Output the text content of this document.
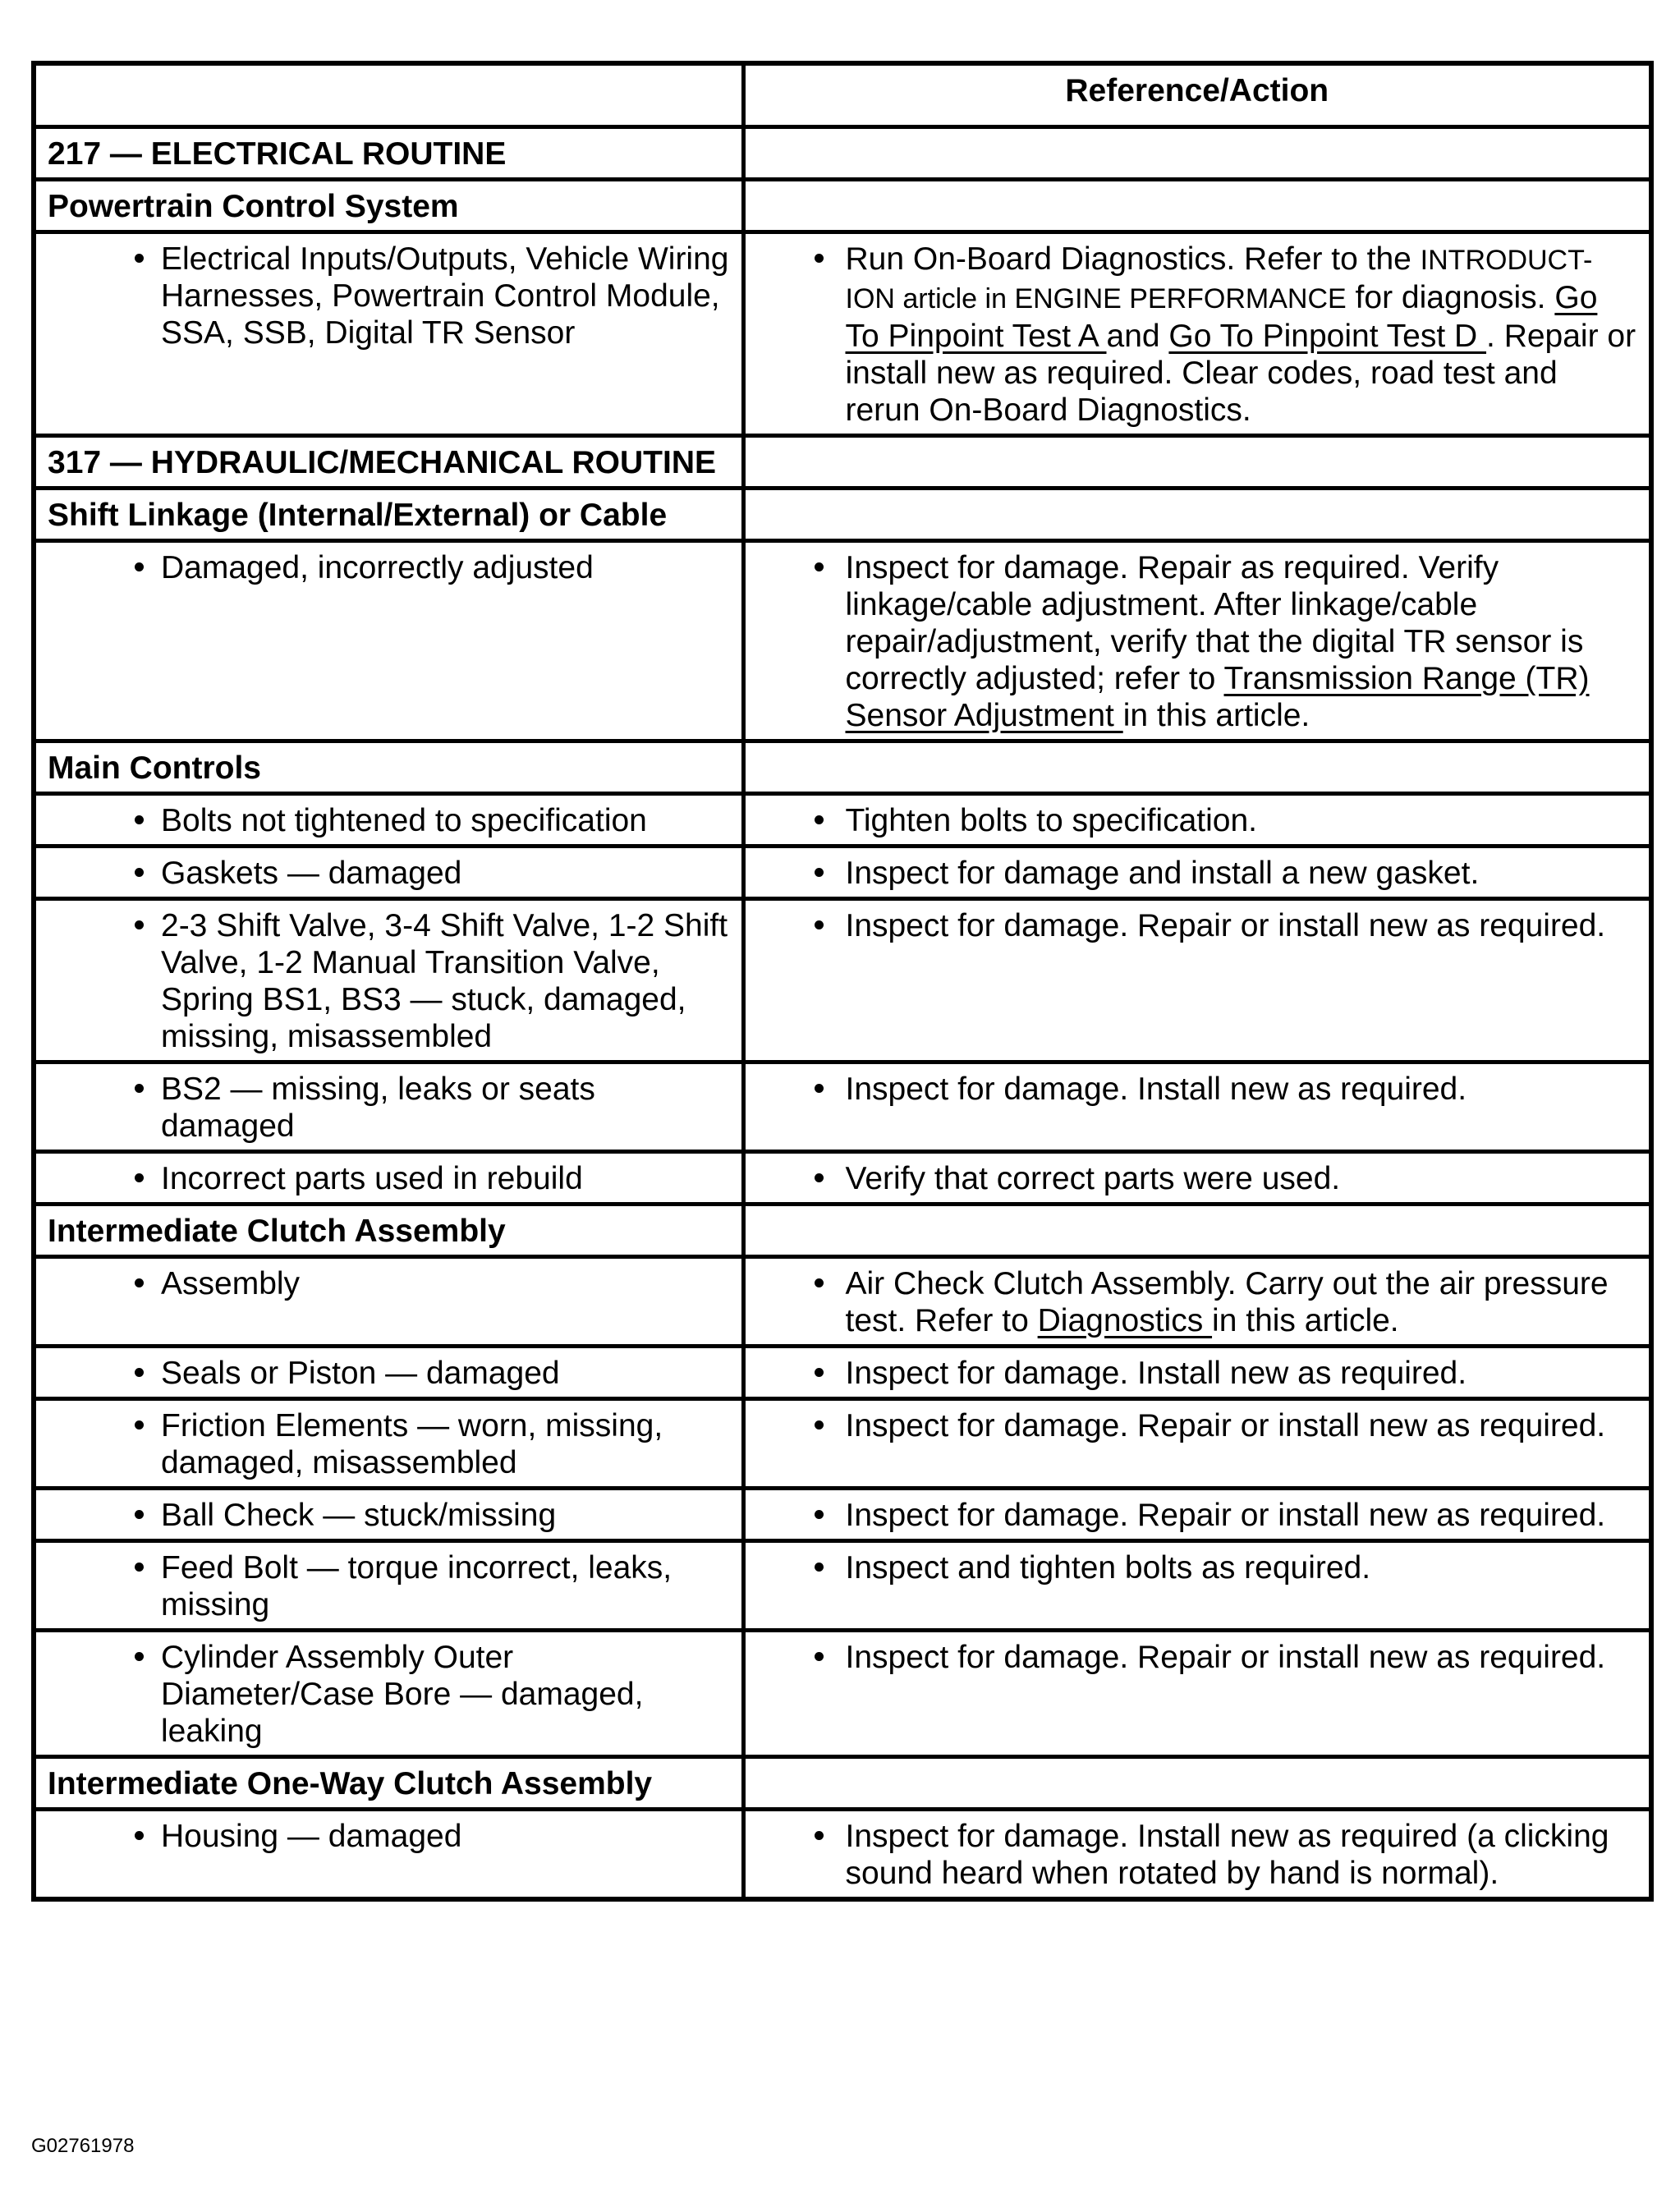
	Reference/Action
217 — ELECTRICAL ROUTINE	
Powertrain Control System	

Electrical Inputs/Outputs, Vehicle Wiring Harnesses, Powertrain Control Module, SSA, SSB, Digital TR Sensor	Run On-Board Diagnostics. Refer to the INTRODUCT-ION article in ENGINE PERFORMANCE for diagnosis. Go To Pinpoint Test A and Go To Pinpoint Test D . Repair or install new as required. Clear codes, road test and rerun On-Board Diagnostics.

317 — HYDRAULIC/MECHANICAL ROUTINE	
Shift Linkage (Internal/External) or Cable	

Damaged, incorrectly adjusted	Inspect for damage. Repair as required. Verify linkage/cable adjustment. After linkage/cable repair/adjustment, verify that the digital TR sensor is correctly adjusted; refer to Transmission Range (TR) Sensor Adjustment in this article.

Main Controls	

Bolts not tightened to specification	Tighten bolts to specification.

Gaskets — damaged	Inspect for damage and install a new gasket.

2-3 Shift Valve, 3-4 Shift Valve, 1-2 Shift Valve, 1-2 Manual Transition Valve, Spring BS1, BS3 — stuck, damaged, missing, misassembled	Inspect for damage. Repair or install new as required.

BS2 — missing, leaks or seats damaged	Inspect for damage. Install new as required.

Incorrect parts used in rebuild	Verify that correct parts were used.

Intermediate Clutch Assembly	

Assembly	Air Check Clutch Assembly. Carry out the air pressure test. Refer to Diagnostics in this article.

Seals or Piston — damaged	Inspect for damage. Install new as required.

Friction Elements — worn, missing, damaged, misassembled	Inspect for damage. Repair or install new as required.

Ball Check — stuck/missing	Inspect for damage. Repair or install new as required.

Feed Bolt — torque incorrect, leaks, missing	Inspect and tighten bolts as required.

Cylinder Assembly Outer Diameter/Case Bore — damaged, leaking	Inspect for damage. Repair or install new as required.

Intermediate One-Way Clutch Assembly	

Housing — damaged	Inspect for damage. Install new as required (a clicking sound heard when rotated by hand is normal).
G02761978
